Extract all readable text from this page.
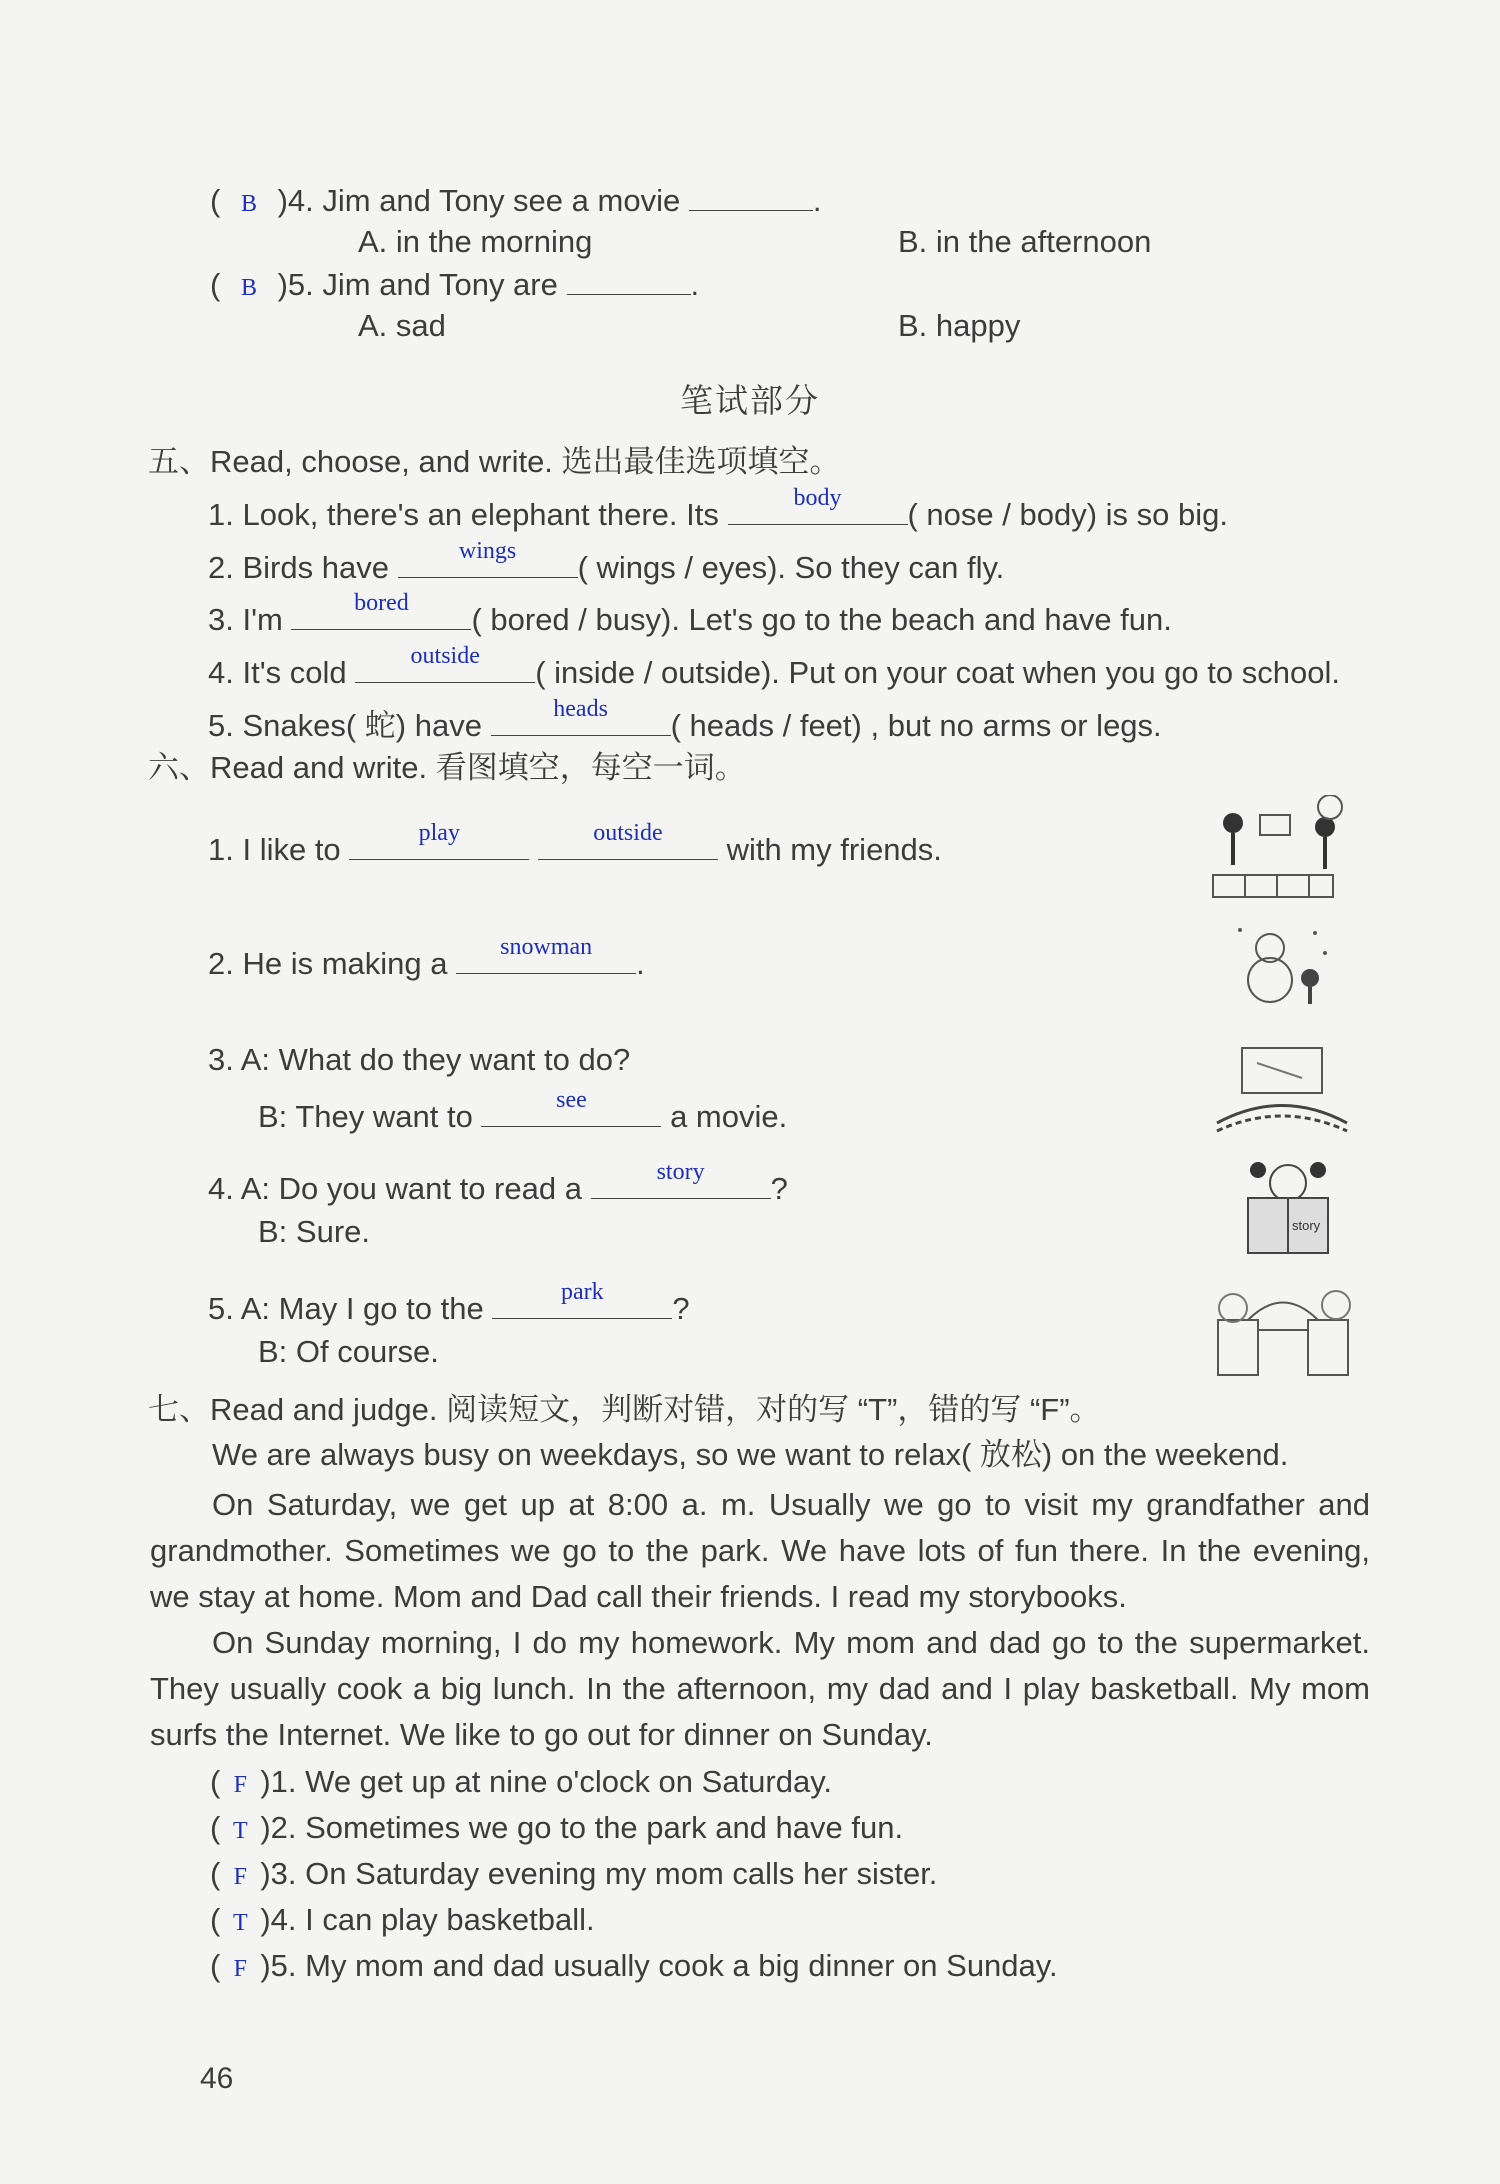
( B )4. Jim and Tony see a movie	.
A. in the morning	B. in the afternoon
( B )5. Jim and Tony are	.
A. sad	B. happy
笔试部分
五、Read, choose, and write. 选出最佳选项填空。
1. Look, there's an elephant there. Its	body	( nose / body) is so big.
2. Birds have	wings	( wings / eyes). So they can fly.
3. I'm	bored	( bored / busy). Let's go to the beach and have fun.
4. It's cold	outside	( inside / outside). Put on your coat when you go to school.
5. Snakes( 蛇) have	heads	( heads / feet) , but no arms or legs.
六、Read and write. 看图填空，每空一词。
1. I like to	play
	outside	with my friends.
2. He is making a	snowman	.
3. A: What do they want to do?
B: They want to	see	a movie.
4. A: Do you want to read a	story	?
B: Sure.
5. A: May I go to the	park	?
B: Of course.
story
七、Read and judge. 阅读短文，判断对错，对的写 “T”，错的写 “F”。
We are always busy on weekdays, so we want to relax( 放松) on the weekend.
On Saturday, we get up at 8:00 a. m. Usually we go to visit my grandfather and grandmother. Sometimes we go to the park. We have lots of fun there. In the evening, we stay at home. Mom and Dad call their friends. I read my storybooks.
On Sunday morning, I do my homework. My mom and dad go to the supermarket. They usually cook a big lunch. In the afternoon, my dad and I play basketball. My mom surfs the Internet. We like to go out for dinner on Sunday.
( F )1. We get up at nine o'clock on Saturday.
( T )2. Sometimes we go to the park and have fun.
( F )3. On Saturday evening my mom calls her sister.
( T )4. I can play basketball.
( F )5. My mom and dad usually cook a big dinner on Sunday.
46
